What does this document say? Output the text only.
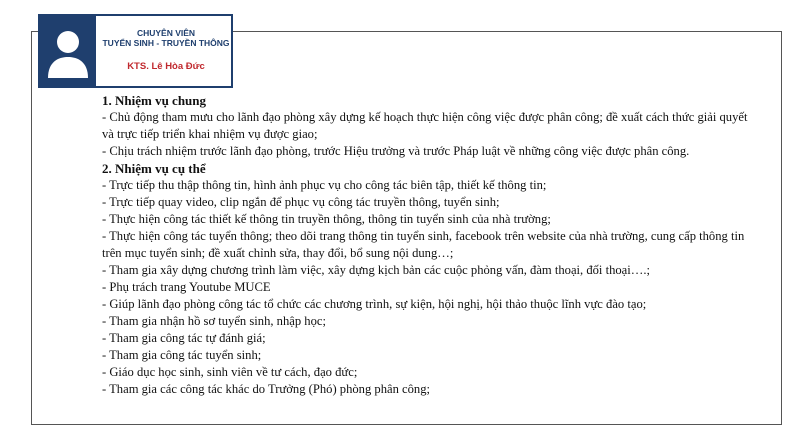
CHUYÊN VIÊN
TUYỂN SINH - TRUYỀN THÔNG
KTS. Lê Hòa Đức

1. Nhiệm vụ chung

- Chủ động tham mưu cho lãnh đạo phòng xây dựng kế hoạch thực hiện công việc được phân công; đề xuất cách thức giải quyết và trực tiếp triển khai nhiệm vụ được giao;

- Chịu trách nhiệm trước lãnh đạo phòng, trước Hiệu trưởng và trước Pháp luật về những công việc được phân công.

2. Nhiệm vụ cụ thể

- Trực tiếp thu thập thông tin, hình ảnh phục vụ cho công tác biên tập, thiết kế thông tin;

- Trực tiếp quay video, clip ngắn để phục vụ công tác truyền thông, tuyển sinh;

- Thực hiện công tác thiết kế thông tin truyền thông, thông tin tuyển sinh của nhà trường;

- Thực hiện công tác tuyển thông; theo dõi trang thông tin tuyển sinh, facebook trên website của nhà trường, cung cấp thông tin trên mục tuyển sinh; đề xuất chỉnh sửa, thay đổi, bổ sung nội dung…;

- Tham gia xây dựng chương trình làm việc, xây dựng kịch bản các cuộc phỏng vấn, đàm thoại, đối thoại….;

- Phụ trách trang Youtube MUCE

- Giúp lãnh đạo phòng công tác tổ chức các chương trình, sự kiện, hội nghị, hội thảo thuộc lĩnh vực đào tạo;

- Tham gia nhận hồ sơ tuyển sinh, nhập học;

- Tham gia công tác tự đánh giá;

- Tham gia công tác tuyển sinh;

- Giáo dục học sinh, sinh viên về tư cách, đạo đức;

- Tham gia các công tác khác do Trưởng (Phó) phòng phân công;
